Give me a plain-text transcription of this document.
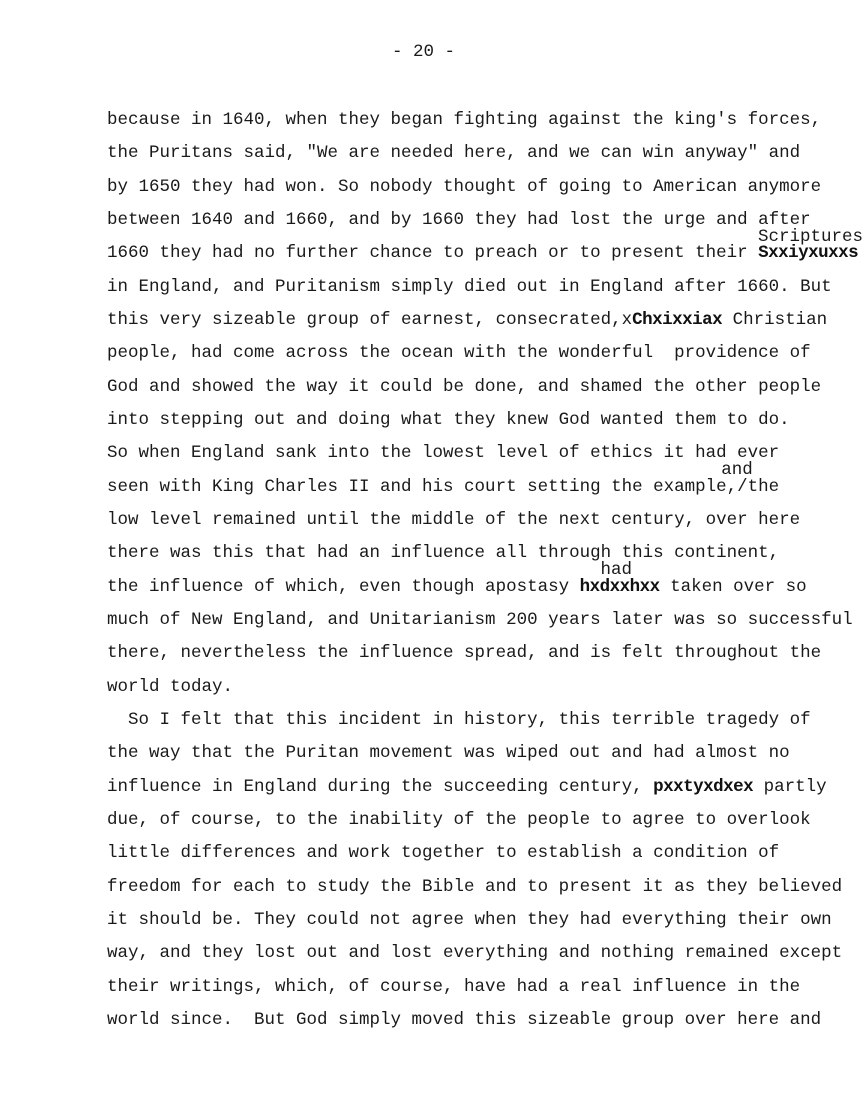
- 20 -
because in 1640, when they began fighting against the king's forces,
the Puritans said, "We are needed here, and we can win anyway" and
by 1650 they had won. So nobody thought of going to American anymore
between 1640 and 1660, and by 1660 they had lost the urge and after
1660 they had no further chance to preach or to present their Sxxiyxuxxs
in England, and Puritanism simply died out in England after 1660. But
this very sizeable group of earnest, consecrated,xChxixxiax Christian
people, had come across the ocean with the wonderful  providence of
God and showed the way it could be done, and shamed the other people
into stepping out and doing what they knew God wanted them to do.
So when England sank into the lowest level of ethics it had ever
seen with King Charles II and his court setting the example,/the
low level remained until the middle of the next century, over here
there was this that had an influence all through this continent,
the influence of which, even though apostasy hxdxxhxx taken over so
much of New England, and Unitarianism 200 years later was so successful
there, nevertheless the influence spread, and is felt throughout the
world today.
So I felt that this incident in history, this terrible tragedy of
the way that the Puritan movement was wiped out and had almost no
influence in England during the succeeding century, pxxtyxdxex partly
due, of course, to the inability of the people to agree to overlook
little differences and work together to establish a condition of
freedom for each to study the Bible and to present it as they believed
it should be. They could not agree when they had everything their own
way, and they lost out and lost everything and nothing remained except
their writings, which, of course, have had a real influence in the
world since.  But God simply moved this sizeable group over here and
Scriptures
and
had
